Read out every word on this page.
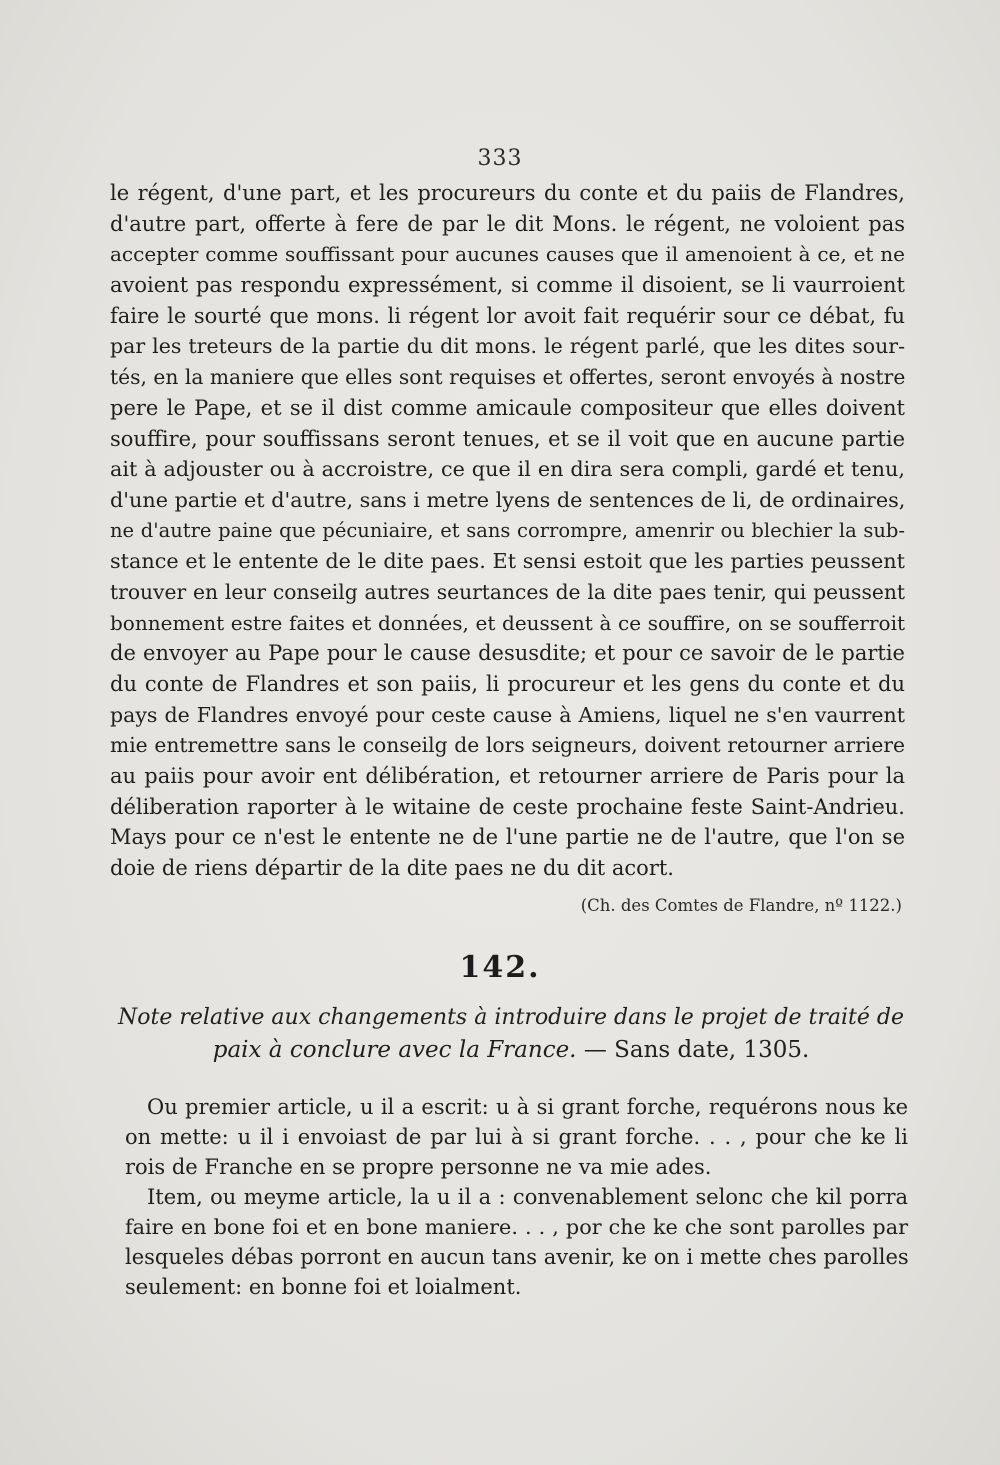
333
le régent, d'une part, et les procureurs du conte et du paiis de Flandres,
d'autre part, offerte à fere de par le dit Mons. le régent, ne voloient pas
accepter comme souffissant pour aucunes causes que il amenoient à ce, et ne
avoient pas respondu expressément, si comme il disoient, se li vaurroient
faire le sourté que mons. li régent lor avoit fait requérir sour ce débat, fu
par les treteurs de la partie du dit mons. le régent parlé, que les dites sour-
tés, en la maniere que elles sont requises et offertes, seront envoyés à nostre
pere le Pape, et se il dist comme amicaule compositeur que elles doivent
souffire, pour souffissans seront tenues, et se il voit que en aucune partie
ait à adjouster ou à accroistre, ce que il en dira sera compli, gardé et tenu,
d'une partie et d'autre, sans i metre lyens de sentences de li, de ordinaires,
ne d'autre paine que pécuniaire, et sans corrompre, amenrir ou blechier la sub-
stance et le entente de le dite paes. Et sensi estoit que les parties peussent
trouver en leur conseilg autres seurtances de la dite paes tenir, qui peussent
bonnement estre faites et données, et deussent à ce souffire, on se soufferroit
de envoyer au Pape pour le cause desusdite; et pour ce savoir de le partie
du conte de Flandres et son paiis, li procureur et les gens du conte et du
pays de Flandres envoyé pour ceste cause à Amiens, liquel ne s'en vaurrent
mie entremettre sans le conseilg de lors seigneurs, doivent retourner arriere
au paiis pour avoir ent délibération, et retourner arriere de Paris pour la
déliberation raporter à le witaine de ceste prochaine feste Saint-Andrieu.
Mays pour ce n'est le entente ne de l'une partie ne de l'autre, que l'on se
doie de riens départir de la dite paes ne du dit acort.
(Ch. des Comtes de Flandre, nº 1122.)
142.
Note relative aux changements à introduire dans le projet de traité de
paix à conclure avec la France. — Sans date, 1305.
Ou premier article, u il a escrit: u à si grant forche, requérons nous ke
on mette: u il i envoiast de par lui à si grant forche. . . , pour che ke li
rois de Franche en se propre personne ne va mie ades.
Item, ou meyme article, la u il a : convenablement selonc che kil porra
faire en bone foi et en bone maniere. . . , por che ke che sont parolles par
lesqueles débas porront en aucun tans avenir, ke on i mette ches parolles
seulement: en bonne foi et loialment.
